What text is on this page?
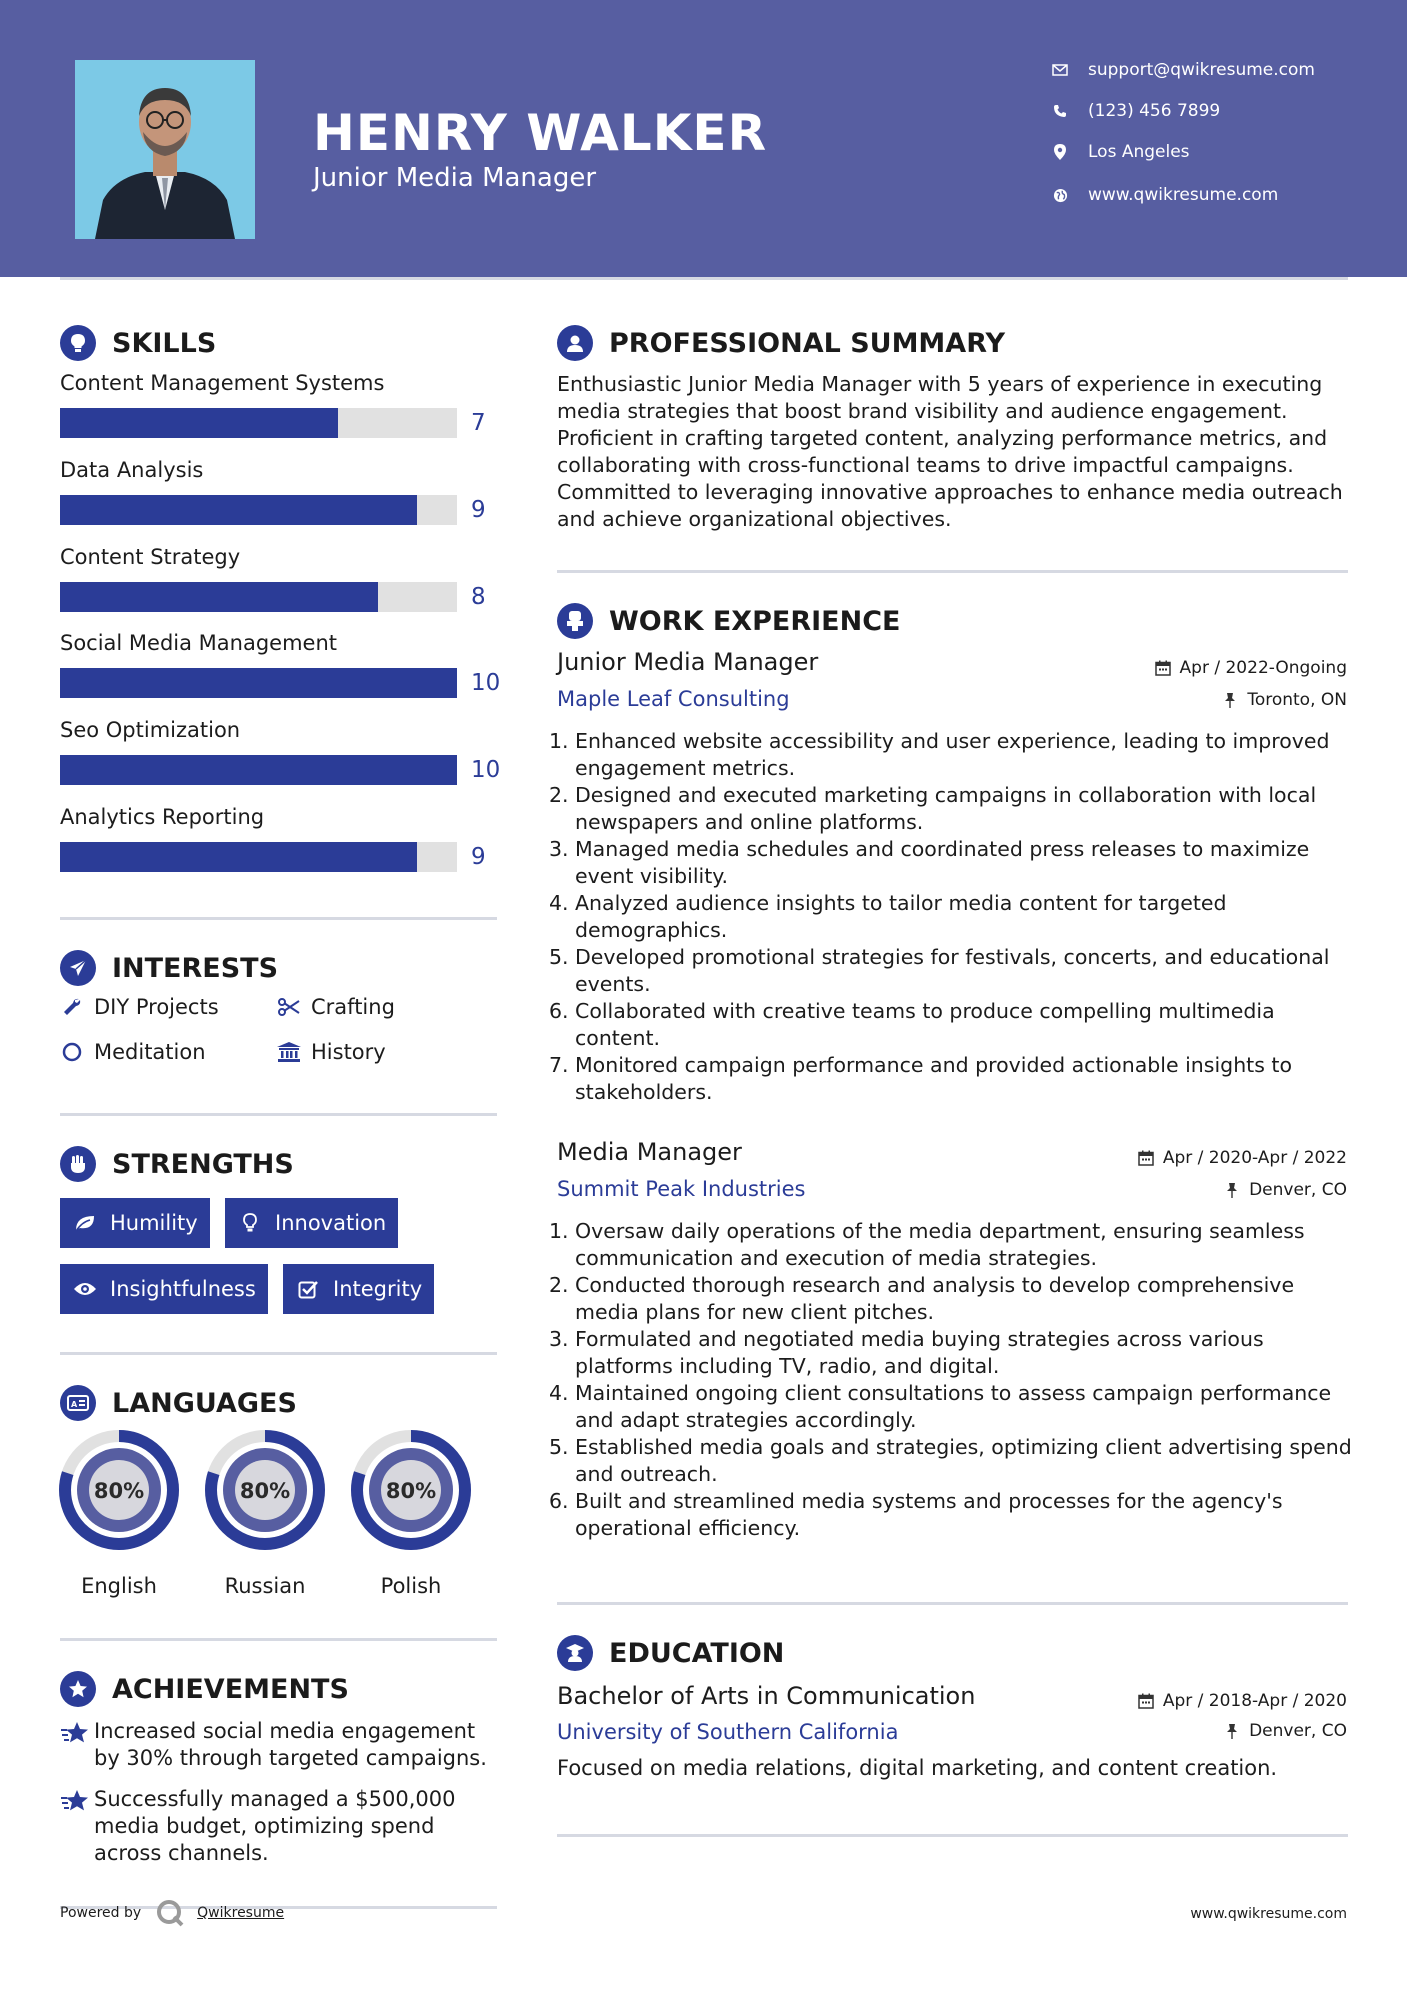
HENRY WALKER
Junior Media Manager
support@qwikresume.com
(123) 456 7899
Los Angeles
www.qwikresume.com
SKILLS
Content Management Systems
7
Data Analysis
9
Content Strategy
8
Social Media Management
10
Seo Optimization
10
Analytics Reporting
9
INTERESTS
DIY Projects	Crafting
Meditation	History
STRENGTHS
Humility	Innovation
Insightfulness	Integrity
A LANGUAGES
80%
English
80%
Russian
80%
Polish
ACHIEVEMENTS
Increased social media engagement by 30% through targeted campaigns.
Successfully managed a $500,000 media budget, optimizing spend across channels.
PROFESSIONAL SUMMARY
Enthusiastic Junior Media Manager with 5 years of experience in executing media strategies that boost brand visibility and audience engagement. Proficient in crafting targeted content, analyzing performance metrics, and collaborating with cross-functional teams to drive impactful campaigns. Committed to leveraging innovative approaches to enhance media outreach and achieve organizational objectives.
WORK EXPERIENCE
Junior Media Manager	Apr / 2022-Ongoing
Maple Leaf Consulting	Toronto, ON
1. Enhanced website accessibility and user experience, leading to improved engagement metrics.
2. Designed and executed marketing campaigns in collaboration with local newspapers and online platforms.
3. Managed media schedules and coordinated press releases to maximize event visibility.
4. Analyzed audience insights to tailor media content for targeted demographics.
5. Developed promotional strategies for festivals, concerts, and educational events.
6. Collaborated with creative teams to produce compelling multimedia content.
7. Monitored campaign performance and provided actionable insights to stakeholders.
Media Manager	Apr / 2020-Apr / 2022
Summit Peak Industries	Denver, CO
1. Oversaw daily operations of the media department, ensuring seamless communication and execution of media strategies.
2. Conducted thorough research and analysis to develop comprehensive media plans for new client pitches.
3. Formulated and negotiated media buying strategies across various platforms including TV, radio, and digital.
4. Maintained ongoing client consultations to assess campaign performance and adapt strategies accordingly.
5. Established media goals and strategies, optimizing client advertising spend and outreach.
6. Built and streamlined media systems and processes for the agency's operational efficiency.
EDUCATION
Bachelor of Arts in Communication	Apr / 2018-Apr / 2020
University of Southern California	Denver, CO
Focused on media relations, digital marketing, and content creation.
Powered by	Qwikresume	www.qwikresume.com
